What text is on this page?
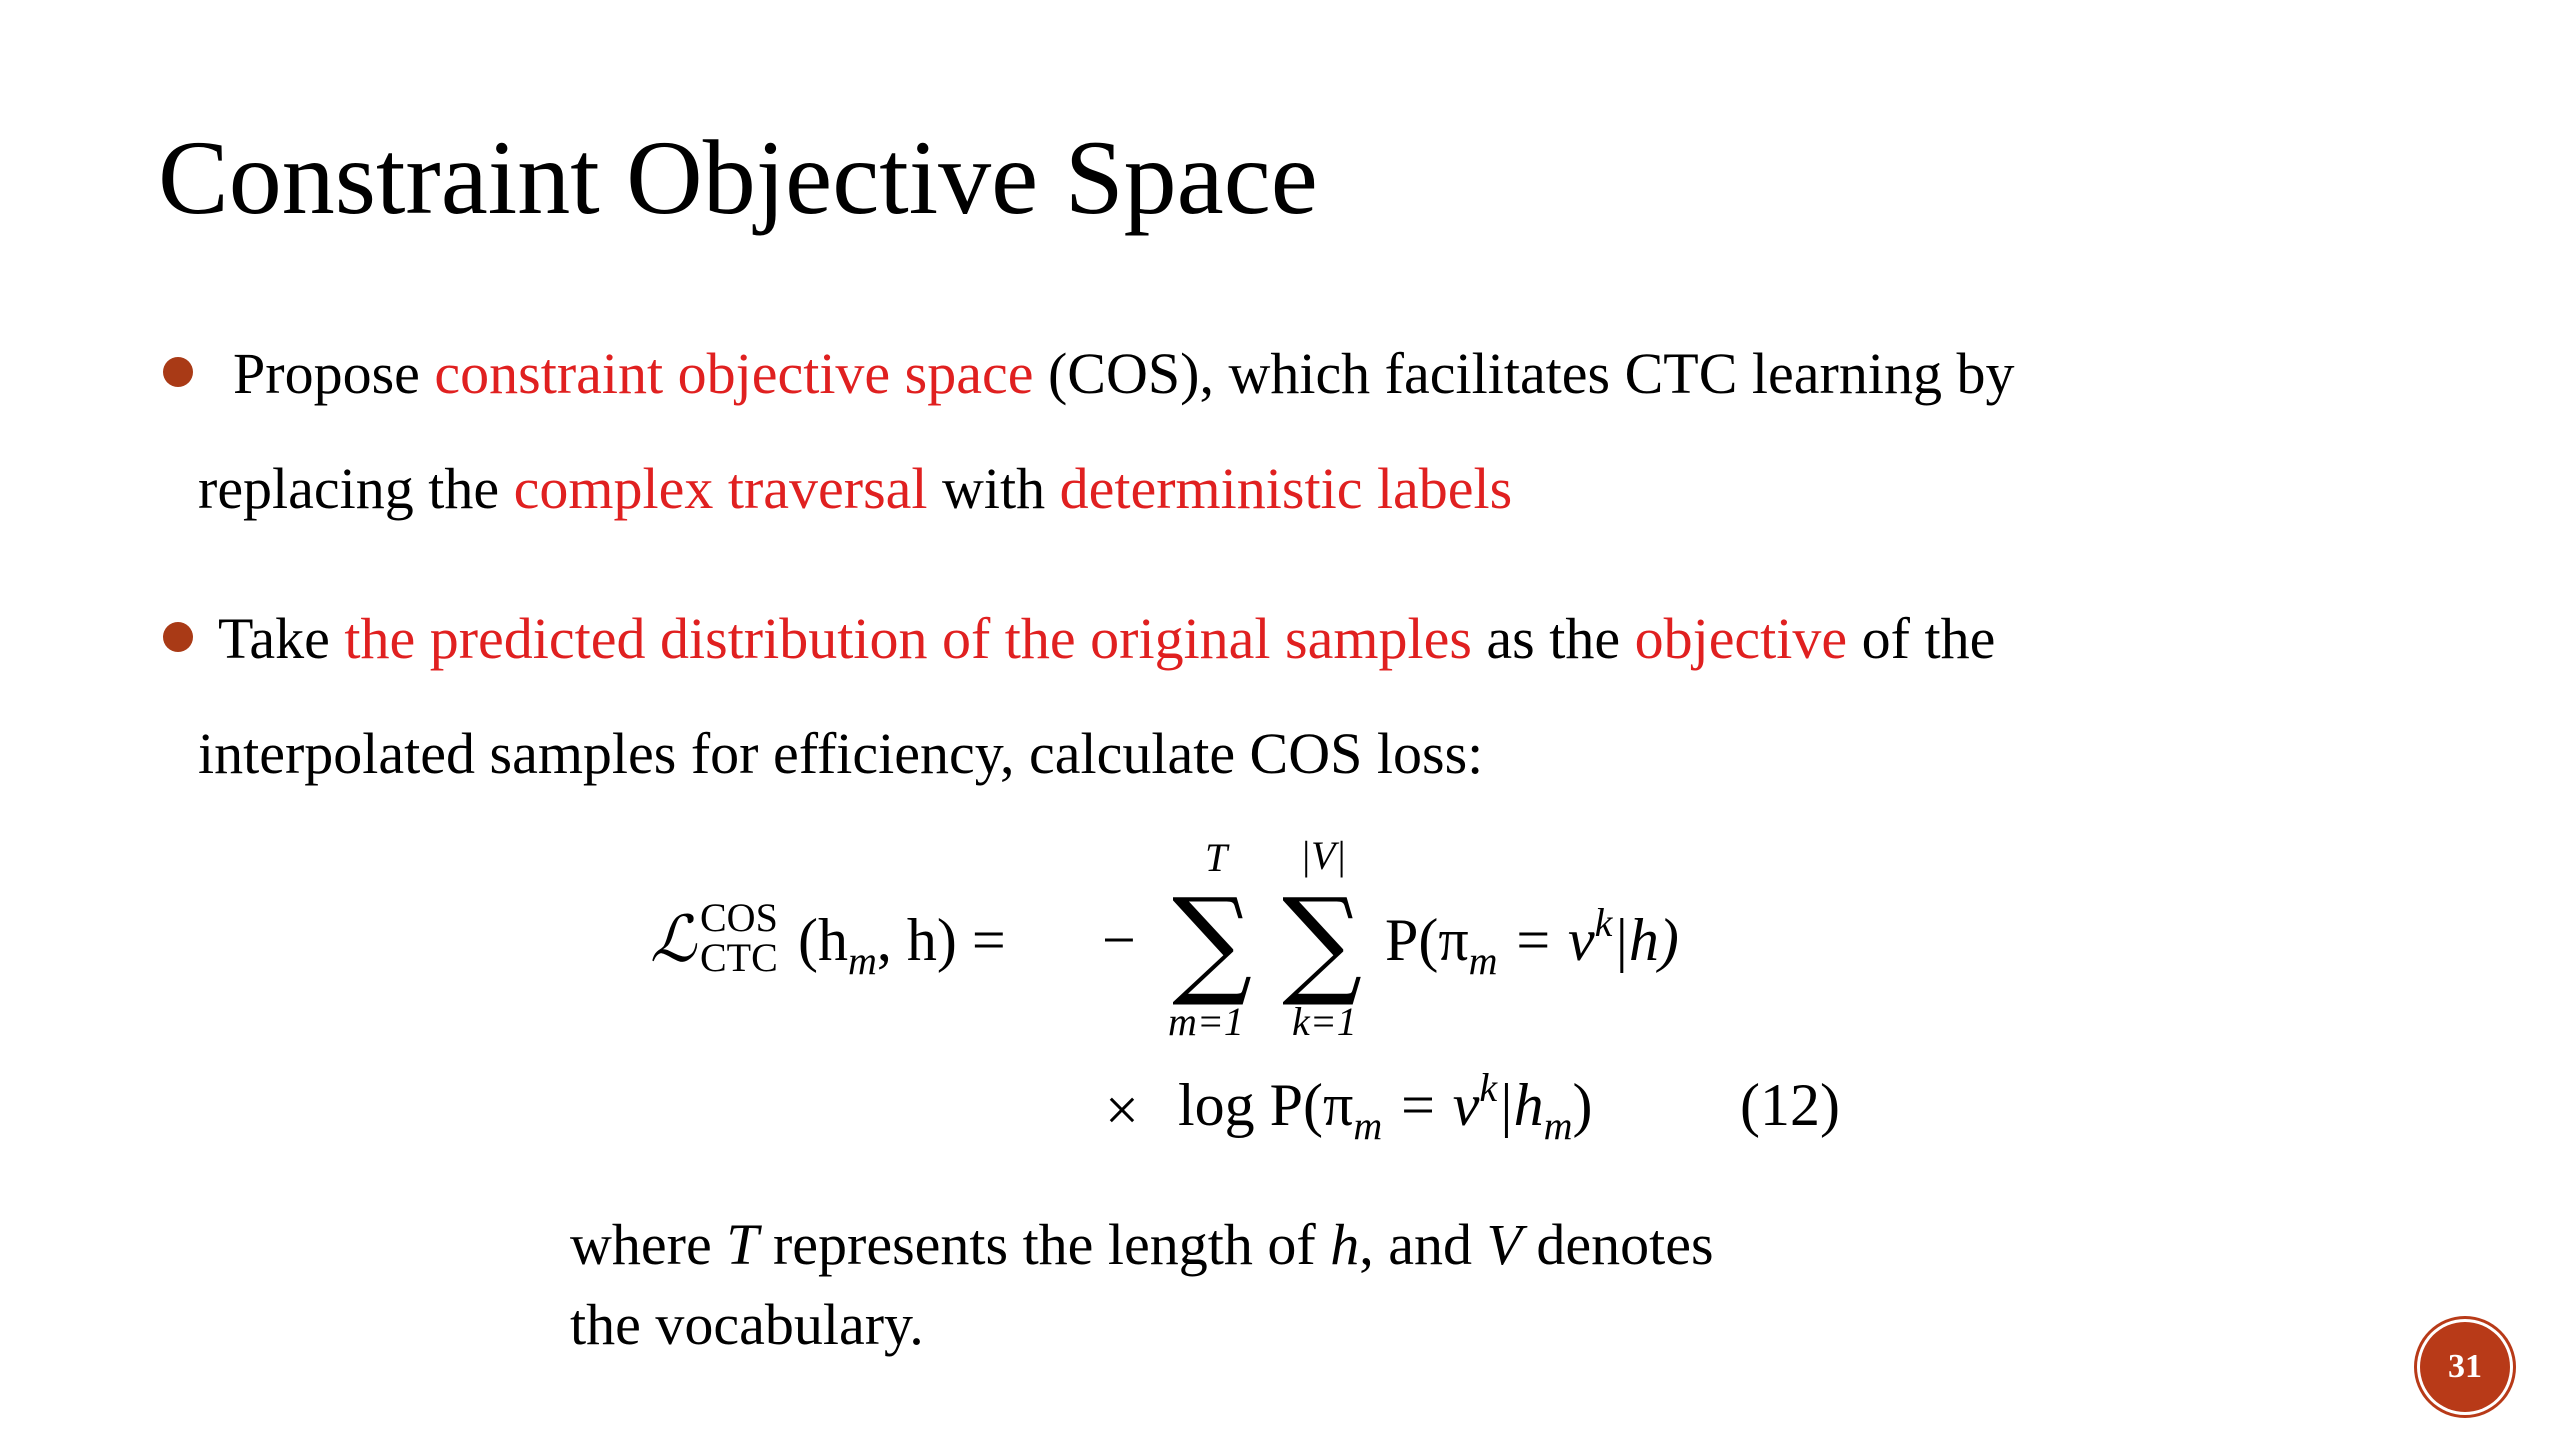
Constraint Objective Space
Propose constraint objective space (COS), which facilitates CTC learning by
replacing the complex traversal with deterministic labels
Take the predicted distribution of the original samples as the objective of the
interpolated samples for efficiency, calculate COS loss:
ℒ COS
CTC ($h_m$, h) = −
T
∑
m=1
|V|
∑
k=1
$P(\pi_m = v^k|h)$
× $\log P(\pi_m = v^k|h_m)$ (12)
where T represents the length of h, and V denotes
the vocabulary.
31
